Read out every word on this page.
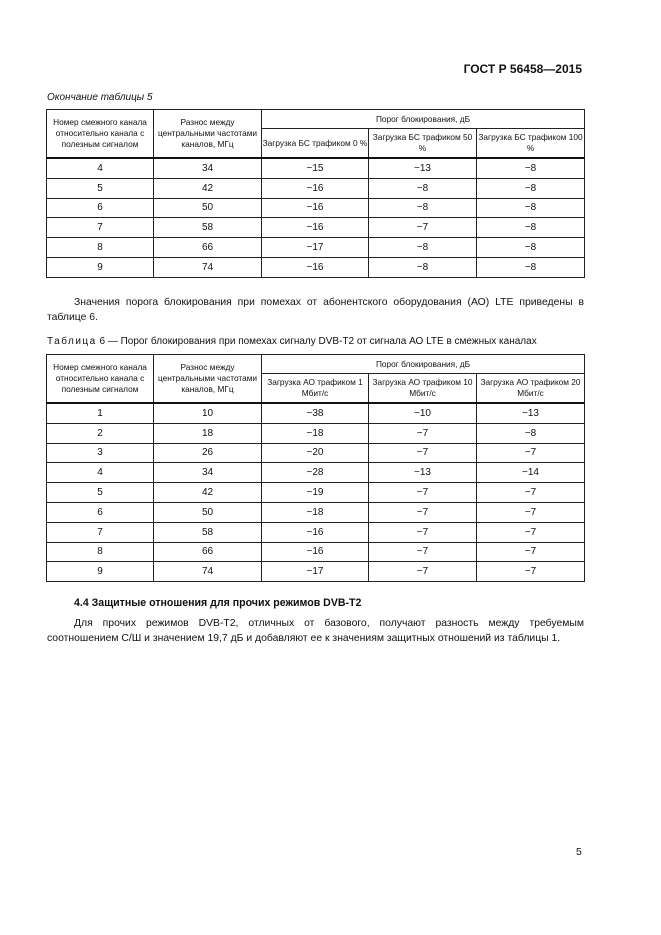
ГОСТ Р 56458—2015
Окончание таблицы 5
Номер смежного канала относительно канала с полезным сигналом	Разнос между центральными частотами каналов, МГц	Порог блокирования, дБ		
		Загрузка БС трафиком 0 %	Загрузка БС трафиком 50 %	Загрузка БС трафиком 100 %
4	34	−15	−13	−8
5	42	−16	−8	−8
6	50	−16	−8	−8
7	58	−16	−7	−8
8	66	−17	−8	−8
9	74	−16	−8	−8
Значения порога блокирования при помехах от абонентского оборудования (АО) LTE приведены в таблице 6.
Таблица 6 — Порог блокирования при помехах сигналу DVB-T2 от сигнала АО LTE в смежных каналах
Номер смежного канала относительно канала с полезным сигналом	Разнос между центральными частотами каналов, МГц	Порог блокирования, дБ		
		Загрузка АО трафиком 1 Мбит/с	Загрузка АО трафиком 10 Мбит/с	Загрузка АО трафиком 20 Мбит/с
1	10	−38	−10	−13
2	18	−18	−7	−8
3	26	−20	−7	−7
4	34	−28	−13	−14
5	42	−19	−7	−7
6	50	−18	−7	−7
7	58	−16	−7	−7
8	66	−16	−7	−7
9	74	−17	−7	−7
4.4 Защитные отношения для прочих режимов DVB-T2
Для прочих режимов DVB-T2, отличных от базового, получают разность между требуемым соотношением С/Ш и значением 19,7 дБ и добавляют ее к значениям защитных отношений из таблицы 1.
5
